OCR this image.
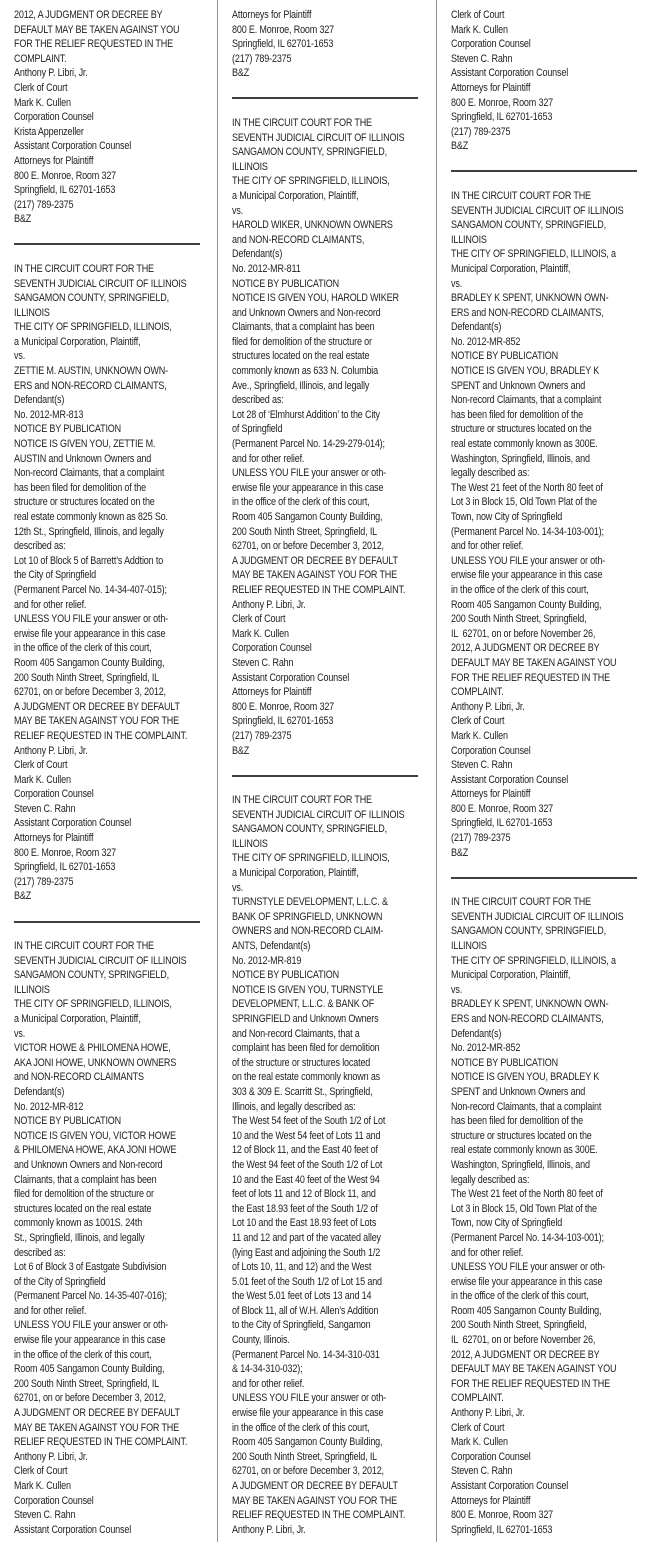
2012, A JUDGMENT OR DECREE BY
DEFAULT MAY BE TAKEN AGAINST YOU
FOR THE RELIEF REQUESTED IN THE
COMPLAINT.
Anthony P. Libri, Jr.
Clerk of Court
Mark K. Cullen
Corporation Counsel
Krista Appenzeller
Assistant Corporation Counsel
Attorneys for Plaintiff
800 E. Monroe, Room 327
Springfield, IL 62701-1653
(217) 789-2375
B&Z
IN THE CIRCUIT COURT FOR THE
SEVENTH JUDICIAL CIRCUIT OF ILLINOIS
SANGAMON COUNTY, SPRINGFIELD,
ILLINOIS
THE CITY OF SPRINGFIELD, ILLINOIS,
a Municipal Corporation, Plaintiff,
vs.
ZETTIE M. AUSTIN, UNKNOWN OWN-
ERS and NON-RECORD CLAIMANTS,
Defendant(s)
No. 2012-MR-813
NOTICE BY PUBLICATION
NOTICE IS GIVEN YOU, ZETTIE M.
AUSTIN and Unknown Owners and
Non-record Claimants, that a complaint
has been filed for demolition of the
structure or structures located on the
real estate commonly known as 825 So.
12th St., Springfield, Illinois, and legally
described as:
Lot 10 of Block 5 of Barrett’s Addtion to
the City of Springfield
(Permanent Parcel No. 14-34-407-015);
and for other relief.
UNLESS YOU FILE your answer or oth-
erwise file your appearance in this case
in the office of the clerk of this court,
Room 405 Sangamon County Building,
200 South Ninth Street, Springfield, IL
62701, on or before December 3, 2012,
A JUDGMENT OR DECREE BY DEFAULT
MAY BE TAKEN AGAINST YOU FOR THE
RELIEF REQUESTED IN THE COMPLAINT.
Anthony P. Libri, Jr.
Clerk of Court
Mark K. Cullen
Corporation Counsel
Steven C. Rahn
Assistant Corporation Counsel
Attorneys for Plaintiff
800 E. Monroe, Room 327
Springfield, IL 62701-1653
(217) 789-2375
B&Z
IN THE CIRCUIT COURT FOR THE
SEVENTH JUDICIAL CIRCUIT OF ILLINOIS
SANGAMON COUNTY, SPRINGFIELD,
ILLINOIS
THE CITY OF SPRINGFIELD, ILLINOIS,
a Municipal Corporation, Plaintiff,
vs.
VICTOR HOWE & PHILOMENA HOWE,
AKA JONI HOWE, UNKNOWN OWNERS
and NON-RECORD CLAIMANTS
Defendant(s)
No. 2012-MR-812
NOTICE BY PUBLICATION
NOTICE IS GIVEN YOU, VICTOR HOWE
& PHILOMENA HOWE, AKA JONI HOWE
and Unknown Owners and Non-record
Claimants, that a complaint has been
filed for demolition of the structure or
structures located on the real estate
commonly known as 1001S. 24th
St., Springfield, Illinois, and legally
described as:
Lot 6 of Block 3 of Eastgate Subdivision
of the City of Springfield
(Permanent Parcel No. 14-35-407-016);
and for other relief.
UNLESS YOU FILE your answer or oth-
erwise file your appearance in this case
in the office of the clerk of this court,
Room 405 Sangamon County Building,
200 South Ninth Street, Springfield, IL
62701, on or before December 3, 2012,
A JUDGMENT OR DECREE BY DEFAULT
MAY BE TAKEN AGAINST YOU FOR THE
RELIEF REQUESTED IN THE COMPLAINT.
Anthony P. Libri, Jr.
Clerk of Court
Mark K. Cullen
Corporation Counsel
Steven C. Rahn
Assistant Corporation Counsel
Attorneys for Plaintiff
800 E. Monroe, Room 327
Springfield, IL 62701-1653
(217) 789-2375
B&Z
IN THE CIRCUIT COURT FOR THE
SEVENTH JUDICIAL CIRCUIT OF ILLINOIS
SANGAMON COUNTY, SPRINGFIELD,
ILLINOIS
THE CITY OF SPRINGFIELD, ILLINOIS,
a Municipal Corporation, Plaintiff,
vs.
HAROLD WIKER, UNKNOWN OWNERS
and NON-RECORD CLAIMANTS,
Defendant(s)
No. 2012-MR-811
NOTICE BY PUBLICATION
NOTICE IS GIVEN YOU, HAROLD WIKER
and Unknown Owners and Non-record
Claimants, that a complaint has been
filed for demolition of the structure or
structures located on the real estate
commonly known as 633 N. Columbia
Ave., Springfield, Illinois, and legally
described as:
Lot 28 of ‘Elmhurst Addition’ to the City
of Springfield
(Permanent Parcel No. 14-29-279-014);
and for other relief.
UNLESS YOU FILE your answer or oth-
erwise file your appearance in this case
in the office of the clerk of this court,
Room 405 Sangamon County Building,
200 South Ninth Street, Springfield, IL
62701, on or before December 3, 2012,
A JUDGMENT OR DECREE BY DEFAULT
MAY BE TAKEN AGAINST YOU FOR THE
RELIEF REQUESTED IN THE COMPLAINT.
Anthony P. Libri, Jr.
Clerk of Court
Mark K. Cullen
Corporation Counsel
Steven C. Rahn
Assistant Corporation Counsel
Attorneys for Plaintiff
800 E. Monroe, Room 327
Springfield, IL 62701-1653
(217) 789-2375
B&Z
IN THE CIRCUIT COURT FOR THE
SEVENTH JUDICIAL CIRCUIT OF ILLINOIS
SANGAMON COUNTY, SPRINGFIELD,
ILLINOIS
THE CITY OF SPRINGFIELD, ILLINOIS,
a Municipal Corporation, Plaintiff,
vs.
TURNSTYLE DEVELOPMENT, L.L.C. &
BANK OF SPRINGFIELD, UNKNOWN
OWNERS and NON-RECORD CLAIM-
ANTS, Defendant(s)
No. 2012-MR-819
NOTICE BY PUBLICATION
NOTICE IS GIVEN YOU, TURNSTYLE
DEVELOPMENT, L.L.C. & BANK OF
SPRINGFIELD and Unknown Owners
and Non-record Claimants, that a
complaint has been filed for demolition
of the structure or structures located
on the real estate commonly known as
303 & 309 E. Scarritt St., Springfield,
Illinois, and legally described as:
The West 54 feet of the South 1/2 of Lot
10 and the West 54 feet of Lots 11 and
12 of Block 11, and the East 40 feet of
the West 94 feet of the South 1/2 of Lot
10 and the East 40 feet of the West 94
feet of lots 11 and 12 of Block 11, and
the East 18.93 feet of the South 1/2 of
Lot 10 and the East 18.93 feet of Lots
11 and 12 and part of the vacated alley
(lying East and adjoining the South 1/2
of Lots 10, 11, and 12) and the West
5.01 feet of the South 1/2 of Lot 15 and
the West 5.01 feet of Lots 13 and 14
of Block 11, all of W.H. Allen’s Addition
to the City of Springfield, Sangamon
County, Illinois.
(Permanent Parcel No. 14-34-310-031
& 14-34-310-032);
and for other relief.
UNLESS YOU FILE your answer or oth-
erwise file your appearance in this case
in the office of the clerk of this court,
Room 405 Sangamon County Building,
200 South Ninth Street, Springfield, IL
62701, on or before December 3, 2012,
A JUDGMENT OR DECREE BY DEFAULT
MAY BE TAKEN AGAINST YOU FOR THE
RELIEF REQUESTED IN THE COMPLAINT.
Anthony P. Libri, Jr.
Clerk of Court
Mark K. Cullen
Corporation Counsel
Steven C. Rahn
Assistant Corporation Counsel
Attorneys for Plaintiff
800 E. Monroe, Room 327
Springfield, IL 62701-1653
(217) 789-2375
B&Z
IN THE CIRCUIT COURT FOR THE
SEVENTH JUDICIAL CIRCUIT OF ILLINOIS
SANGAMON COUNTY, SPRINGFIELD,
ILLINOIS
THE CITY OF SPRINGFIELD, ILLINOIS, a
Municipal Corporation, Plaintiff,
vs.
BRADLEY K SPENT, UNKNOWN OWN-
ERS and NON-RECORD CLAIMANTS,
Defendant(s)
No. 2012-MR-852
NOTICE BY PUBLICATION
NOTICE IS GIVEN YOU, BRADLEY K
SPENT and Unknown Owners and
Non-record Claimants, that a complaint
has been filed for demolition of the
structure or structures located on the
real estate commonly known as 300E.
Washington, Springfield, Illinois, and
legally described as:
The West 21 feet of the North 80 feet of
Lot 3 in Block 15, Old Town Plat of the
Town, now City of Springfield
(Permanent Parcel No. 14-34-103-001);
and for other relief.
UNLESS YOU FILE your answer or oth-
erwise file your appearance in this case
in the office of the clerk of this court,
Room 405 Sangamon County Building,
200 South Ninth Street, Springfield,
IL  62701, on or before November 26,
2012, A JUDGMENT OR DECREE BY
DEFAULT MAY BE TAKEN AGAINST YOU
FOR THE RELIEF REQUESTED IN THE
COMPLAINT.
Anthony P. Libri, Jr.
Clerk of Court
Mark K. Cullen
Corporation Counsel
Steven C. Rahn
Assistant Corporation Counsel
Attorneys for Plaintiff
800 E. Monroe, Room 327
Springfield, IL 62701-1653
(217) 789-2375
B&Z
IN THE CIRCUIT COURT FOR THE
SEVENTH JUDICIAL CIRCUIT OF ILLINOIS
SANGAMON COUNTY, SPRINGFIELD,
ILLINOIS
THE CITY OF SPRINGFIELD, ILLINOIS, a
Municipal Corporation, Plaintiff,
vs.
BRADLEY K SPENT, UNKNOWN OWN-
ERS and NON-RECORD CLAIMANTS,
Defendant(s)
No. 2012-MR-852
NOTICE BY PUBLICATION
NOTICE IS GIVEN YOU, BRADLEY K
SPENT and Unknown Owners and
Non-record Claimants, that a complaint
has been filed for demolition of the
structure or structures located on the
real estate commonly known as 300E.
Washington, Springfield, Illinois, and
legally described as:
The West 21 feet of the North 80 feet of
Lot 3 in Block 15, Old Town Plat of the
Town, now City of Springfield
(Permanent Parcel No. 14-34-103-001);
and for other relief.
UNLESS YOU FILE your answer or oth-
erwise file your appearance in this case
in the office of the clerk of this court,
Room 405 Sangamon County Building,
200 South Ninth Street, Springfield,
IL  62701, on or before November 26,
2012, A JUDGMENT OR DECREE BY
DEFAULT MAY BE TAKEN AGAINST YOU
FOR THE RELIEF REQUESTED IN THE
COMPLAINT.
Anthony P. Libri, Jr.
Clerk of Court
Mark K. Cullen
Corporation Counsel
Steven C. Rahn
Assistant Corporation Counsel
Attorneys for Plaintiff
800 E. Monroe, Room 327
Springfield, IL 62701-1653
